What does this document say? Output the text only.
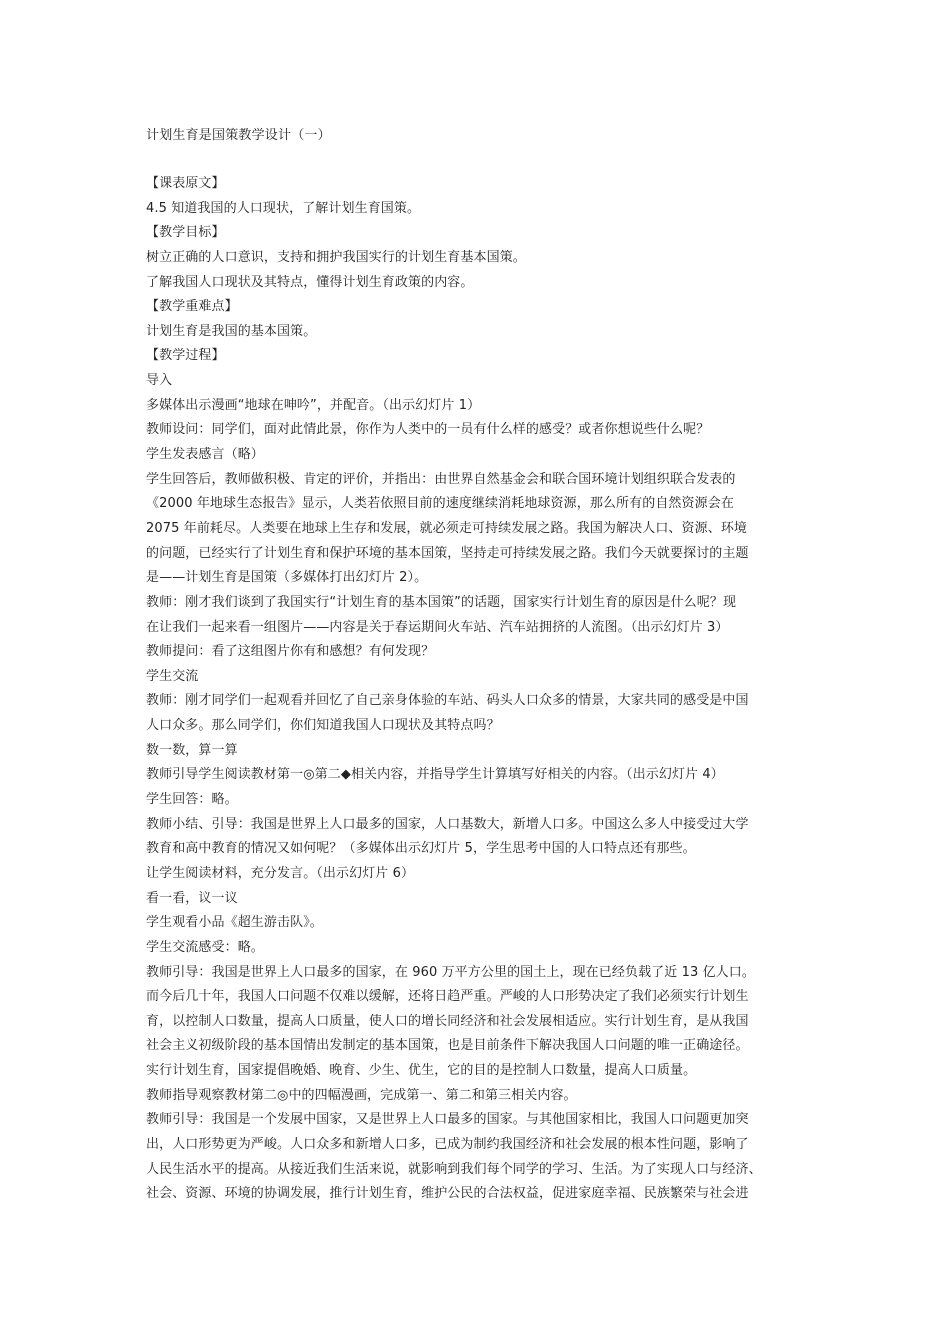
计划生育是国策教学设计（一）
【课表原文】
4.5 知道我国的人口现状，了解计划生育国策。
【教学目标】
树立正确的人口意识，支持和拥护我国实行的计划生育基本国策。
了解我国人口现状及其特点，懂得计划生育政策的内容。
【教学重难点】
计划生育是我国的基本国策。
【教学过程】
导入
多媒体出示漫画“地球在呻吟”，并配音。（出示幻灯片 1）
教师设问：同学们，面对此情此景，你作为人类中的一员有什么样的感受？或者你想说些什么呢？
学生发表感言（略）
学生回答后，教师做积极、肯定的评价，并指出：由世界自然基金会和联合国环境计划组织联合发表的
《2000 年地球生态报告》显示，人类若依照目前的速度继续消耗地球资源，那么所有的自然资源会在
2075 年前耗尽。人类要在地球上生存和发展，就必须走可持续发展之路。我国为解决人口、资源、环境
的问题，已经实行了计划生育和保护环境的基本国策，坚持走可持续发展之路。我们今天就要探讨的主题
是——计划生育是国策（多媒体打出幻灯片 2）。
教师：刚才我们谈到了我国实行“计划生育的基本国策”的话题，国家实行计划生育的原因是什么呢？现
在让我们一起来看一组图片——内容是关于春运期间火车站、汽车站拥挤的人流图。（出示幻灯片 3）
教师提问：看了这组图片你有和感想？有何发现？
学生交流
教师：刚才同学们一起观看并回忆了自己亲身体验的车站、码头人口众多的情景，大家共同的感受是中国
人口众多。那么同学们，你们知道我国人口现状及其特点吗？
数一数，算一算
教师引导学生阅读教材第一◎第二◆相关内容，并指导学生计算填写好相关的内容。（出示幻灯片 4）
学生回答：略。
教师小结、引导：我国是世界上人口最多的国家，人口基数大，新增人口多。中国这么多人中接受过大学
教育和高中教育的情况又如何呢？（多媒体出示幻灯片 5，学生思考中国的人口特点还有那些。
让学生阅读材料，充分发言。（出示幻灯片 6）
看一看，议一议
学生观看小品《超生游击队》。
学生交流感受：略。
教师引导：我国是世界上人口最多的国家，在 960 万平方公里的国土上，现在已经负载了近 13 亿人口。
而今后几十年，我国人口问题不仅难以缓解，还将日趋严重。严峻的人口形势决定了我们必须实行计划生
育，以控制人口数量，提高人口质量，使人口的增长同经济和社会发展相适应。实行计划生育，是从我国
社会主义初级阶段的基本国情出发制定的基本国策，也是目前条件下解决我国人口问题的唯一正确途径。
实行计划生育，国家提倡晚婚、晚育、少生、优生，它的目的是控制人口数量，提高人口质量。
教师指导观察教材第二◎中的四幅漫画，完成第一、第二和第三相关内容。
教师引导：我国是一个发展中国家，又是世界上人口最多的国家。与其他国家相比，我国人口问题更加突
出，人口形势更为严峻。人口众多和新增人口多，已成为制约我国经济和社会发展的根本性问题，影响了
人民生活水平的提高。从接近我们生活来说，就影响到我们每个同学的学习、生活。为了实现人口与经济、
社会、资源、环境的协调发展，推行计划生育，维护公民的合法权益，促进家庭幸福、民族繁荣与社会进
